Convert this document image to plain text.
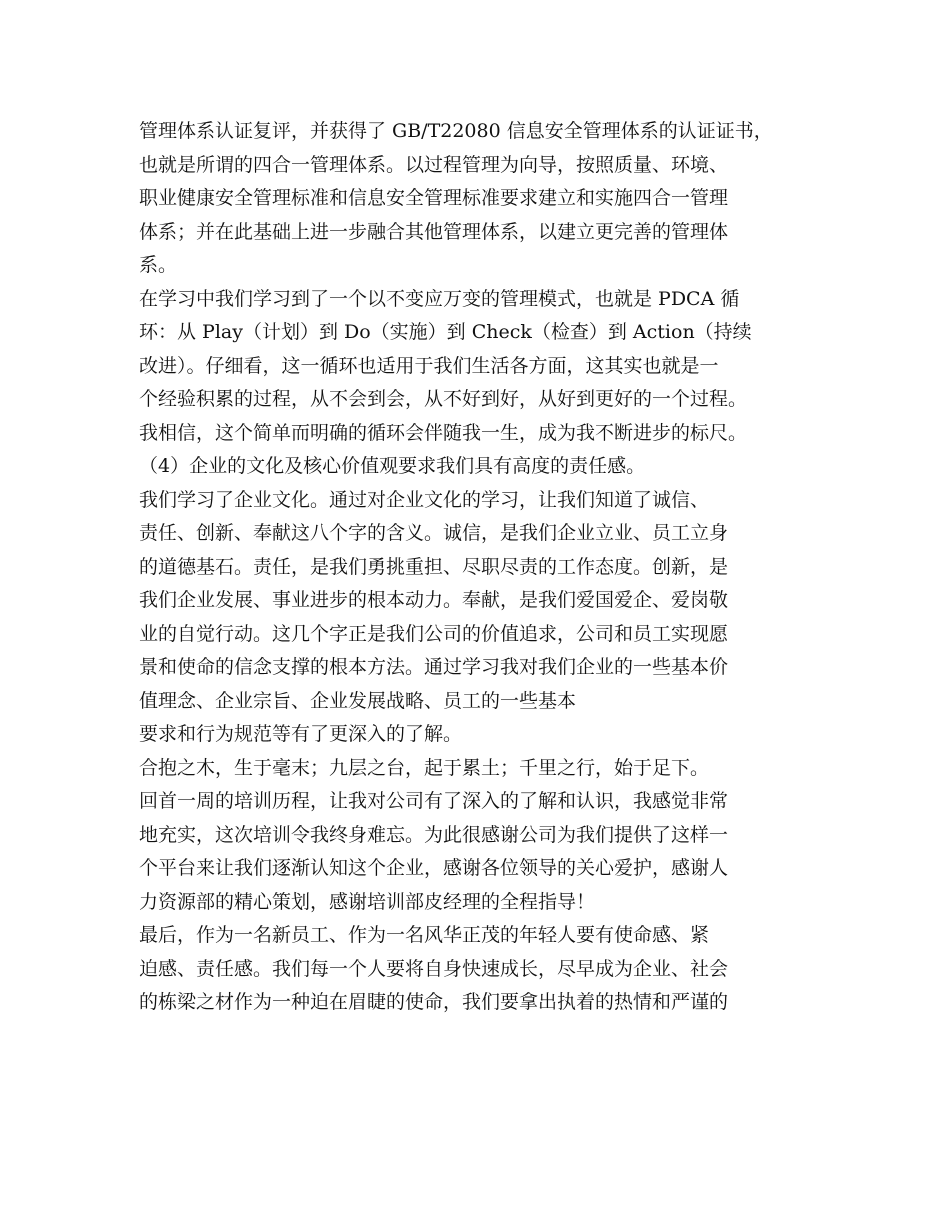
管理体系认证复评，并获得了 GB/T22080 信息安全管理体系的认证证书，

也就是所谓的四合一管理体系。以过程管理为向导，按照质量、环境、

职业健康安全管理标准和信息安全管理标准要求建立和实施四合一管理

体系；并在此基础上进一步融合其他管理体系，以建立更完善的管理体

系。

在学习中我们学习到了一个以不变应万变的管理模式，也就是 PDCA 循

环：从 Play（计划）到 Do（实施）到 Check（检查）到 Action（持续

改进）。仔细看，这一循环也适用于我们生活各方面，这其实也就是一

个经验积累的过程，从不会到会，从不好到好，从好到更好的一个过程。

我相信，这个简单而明确的循环会伴随我一生，成为我不断进步的标尺。

（4）企业的文化及核心价值观要求我们具有高度的责任感。

我们学习了企业文化。通过对企业文化的学习，让我们知道了诚信、

责任、创新、奉献这八个字的含义。诚信，是我们企业立业、员工立身

的道德基石。责任，是我们勇挑重担、尽职尽责的工作态度。创新，是

我们企业发展、事业进步的根本动力。奉献，是我们爱国爱企、爱岗敬

业的自觉行动。这几个字正是我们公司的价值追求，公司和员工实现愿

景和使命的信念支撑的根本方法。通过学习我对我们企业的一些基本价

值理念、企业宗旨、企业发展战略、员工的一些基本

要求和行为规范等有了更深入的了解。

合抱之木，生于毫末；九层之台，起于累土；千里之行，始于足下。

回首一周的培训历程，让我对公司有了深入的了解和认识，我感觉非常

地充实，这次培训令我终身难忘。为此很感谢公司为我们提供了这样一

个平台来让我们逐渐认知这个企业，感谢各位领导的关心爱护，感谢人

力资源部的精心策划，感谢培训部皮经理的全程指导！

最后，作为一名新员工、作为一名风华正茂的年轻人要有使命感、紧

迫感、责任感。我们每一个人要将自身快速成长，尽早成为企业、社会

的栋梁之材作为一种迫在眉睫的使命，我们要拿出执着的热情和严谨的
